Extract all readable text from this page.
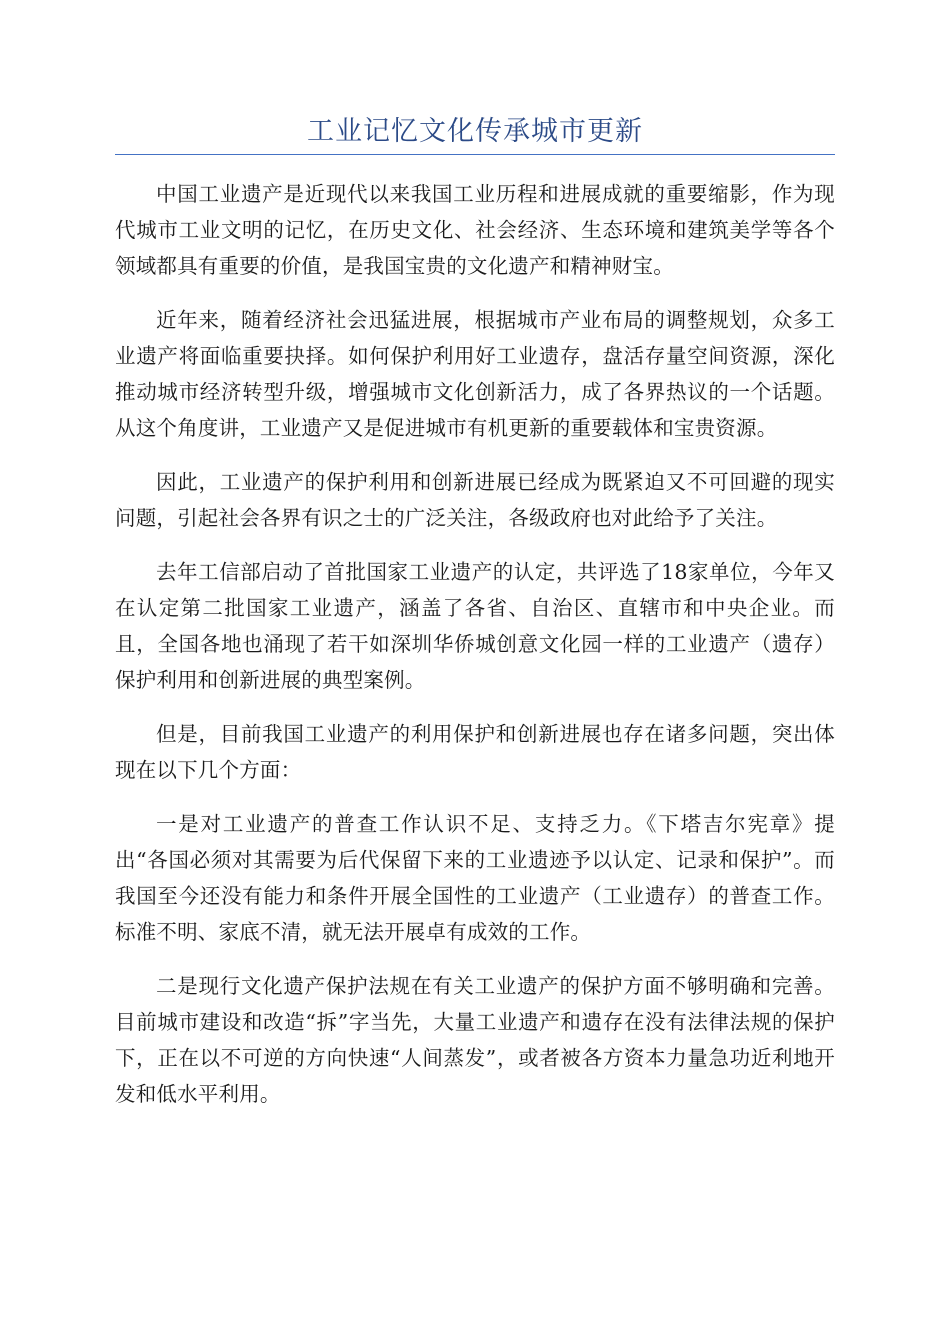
工业记忆文化传承城市更新

中国工业遗产是近现代以来我国工业历程和进展成就的重要缩影，作为现代城市工业文明的记忆，在历史文化、社会经济、生态环境和建筑美学等各个领域都具有重要的价值，是我国宝贵的文化遗产和精神财宝。

近年来，随着经济社会迅猛进展，根据城市产业布局的调整规划，众多工业遗产将面临重要抉择。如何保护利用好工业遗存，盘活存量空间资源，深化推动城市经济转型升级，增强城市文化创新活力，成了各界热议的一个话题。从这个角度讲，工业遗产又是促进城市有机更新的重要载体和宝贵资源。

因此，工业遗产的保护利用和创新进展已经成为既紧迫又不可回避的现实问题，引起社会各界有识之士的广泛关注，各级政府也对此给予了关注。

去年工信部启动了首批国家工业遗产的认定，共评选了18家单位，今年又在认定第二批国家工业遗产，涵盖了各省、自治区、直辖市和中央企业。而且，全国各地也涌现了若干如深圳华侨城创意文化园一样的工业遗产（遗存）保护利用和创新进展的典型案例。

但是，目前我国工业遗产的利用保护和创新进展也存在诸多问题，突出体现在以下几个方面：

一是对工业遗产的普查工作认识不足、支持乏力。《下塔吉尔宪章》提出“各国必须对其需要为后代保留下来的工业遗迹予以认定、记录和保护”。而我国至今还没有能力和条件开展全国性的工业遗产（工业遗存）的普查工作。标准不明、家底不清，就无法开展卓有成效的工作。

二是现行文化遗产保护法规在有关工业遗产的保护方面不够明确和完善。目前城市建设和改造“拆”字当先，大量工业遗产和遗存在没有法律法规的保护下，正在以不可逆的方向快速“人间蒸发”，或者被各方资本力量急功近利地开发和低水平利用。
